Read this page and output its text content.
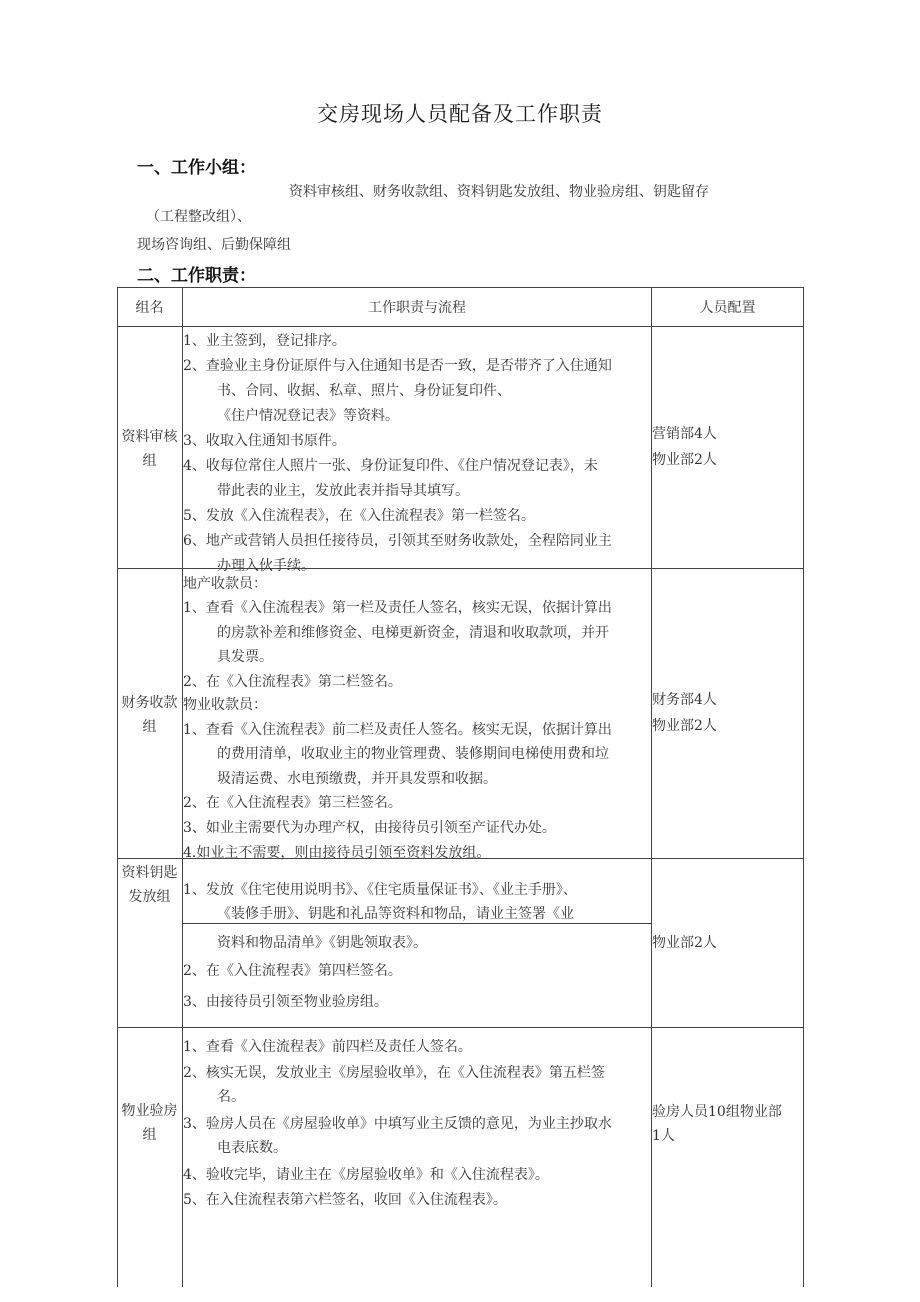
交房现场人员配备及工作职责
一、工作小组：
资料审核组、财务收款组、资料钥匙发放组、物业验房组、钥匙留存
（工程整改组）、
现场咨询组、后勤保障组
二、工作职责：
组名	工作职责与流程	人员配置
资料审核组
1、业主签到，登记排序。
2、查验业主身份证原件与入住通知书是否一致，是否带齐了入住通知
书、合同、收据、私章、照片、身份证复印件、
《住户情况登记表》等资料。
3、收取入住通知书原件。
4、收每位常住人照片一张、身份证复印件、《住户情况登记表》，未
带此表的业主，发放此表并指导其填写。
5、发放《入住流程表》，在《入住流程表》第一栏签名。
6、地产或营销人员担任接待员，引领其至财务收款处，全程陪同业主
办理入伙手续。
营销部4人
物业部2人
财务收款组
地产收款员：
1、查看《入住流程表》第一栏及责任人签名，核实无误，依据计算出
的房款补差和维修资金、电梯更新资金，清退和收取款项，并开
具发票。
2、在《入住流程表》第二栏签名。
物业收款员：
1、查看《入住流程表》前二栏及责任人签名。核实无误，依据计算出
的费用清单，收取业主的物业管理费、装修期间电梯使用费和垃
圾清运费、水电预缴费，并开具发票和收据。
2、在《入住流程表》第三栏签名。
3、如业主需要代为办理产权，由接待员引领至产证代办处。
4.如业主不需要，则由接待员引领至资料发放组。
财务部4人
物业部2人
资料钥匙发放组 1、发放《住宅使用说明书》、《住宅质量保证书》、《业主手册》、
《装修手册》、钥匙和礼品等资料和物品，请业主签署《业
资料和物品清单》《钥匙领取表》。
2、在《入住流程表》第四栏签名。
3、由接待员引领至物业验房组。
物业部2人
物业验房组
1、查看《入住流程表》前四栏及责任人签名。
2、核实无误，发放业主《房屋验收单》，在《入住流程表》第五栏签
名。
3、验房人员在《房屋验收单》中填写业主反馈的意见，为业主抄取水
电表底数。
4、验收完毕，请业主在《房屋验收单》和《入住流程表》。
5、在入住流程表第六栏签名，收回《入住流程表》。
验房人员10组物业部
1人
